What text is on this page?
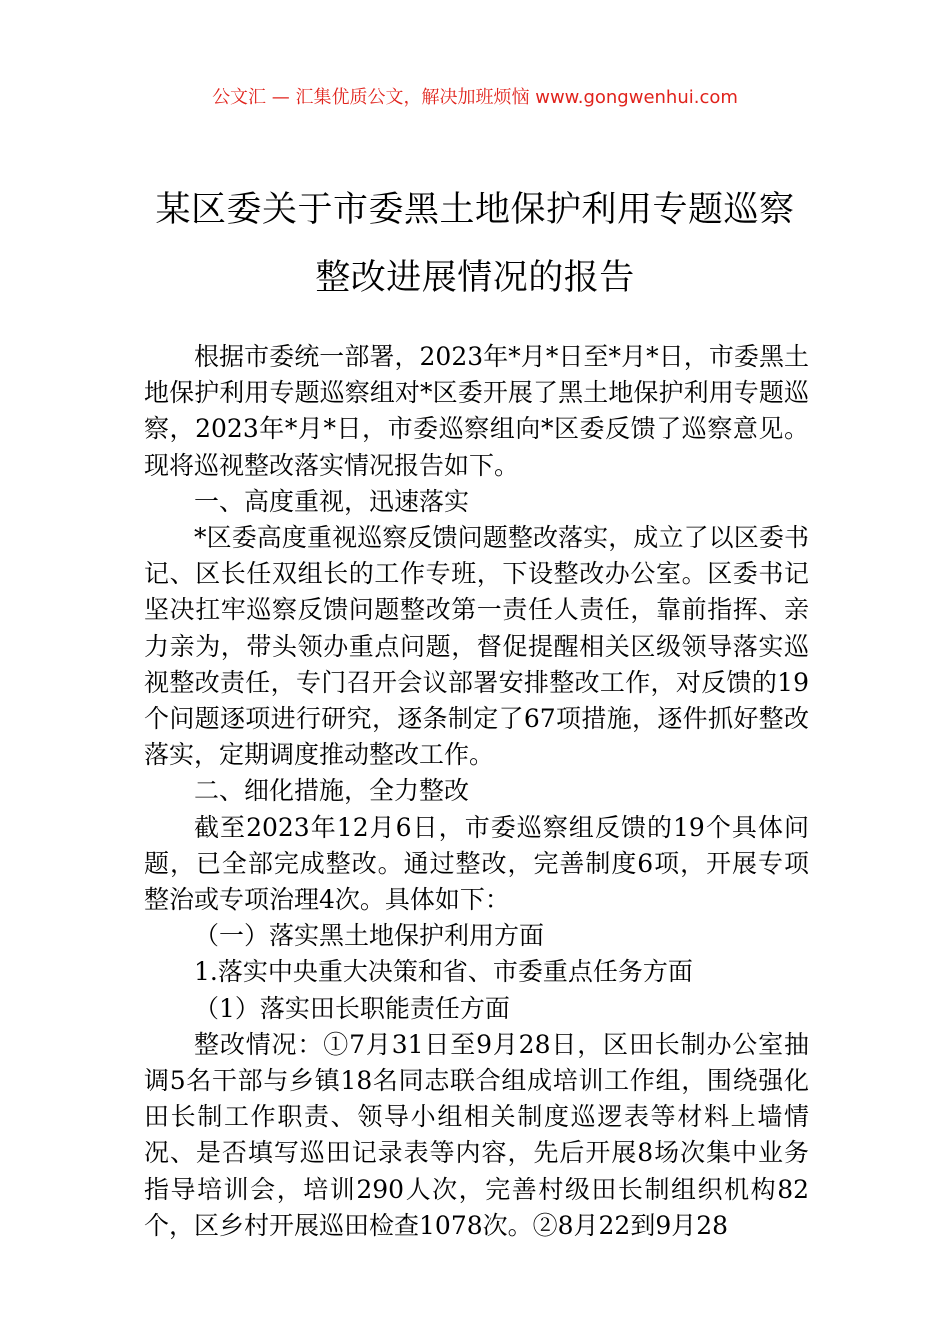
公文汇 — 汇集优质公文，解决加班烦恼 www.gongwenhui.com
某区委关于市委黑土地保护利用专题巡察
整改进展情况的报告

根据市委统一部署，2023年*月*日至*月*日，市委黑土地保护利用专题巡察组对*区委开展了黑土地保护利用专题巡察，2023年*月*日，市委巡察组向*区委反馈了巡察意见。现将巡视整改落实情况报告如下。

一、高度重视，迅速落实

*区委高度重视巡察反馈问题整改落实，成立了以区委书记、区长任双组长的工作专班，下设整改办公室。区委书记坚决扛牢巡察反馈问题整改第一责任人责任，靠前指挥、亲力亲为，带头领办重点问题，督促提醒相关区级领导落实巡视整改责任，专门召开会议部署安排整改工作，对反馈的19个问题逐项进行研究，逐条制定了67项措施，逐件抓好整改落实，定期调度推动整改工作。

二、细化措施，全力整改

截至2023年12月6日，市委巡察组反馈的19个具体问题，已全部完成整改。通过整改，完善制度6项，开展专项整治或专项治理4次。具体如下：

（一）落实黑土地保护利用方面

1.落实中央重大决策和省、市委重点任务方面

（1）落实田长职能责任方面

整改情况：①7月31日至9月28日，区田长制办公室抽调5名干部与乡镇18名同志联合组成培训工作组，围绕强化田长制工作职责、领导小组相关制度巡逻表等材料上墙情况、是否填写巡田记录表等内容，先后开展8场次集中业务指导培训会，培训290人次，完善村级田长制组织机构82个，区乡村开展巡田检查1078次。②8月22到9月28
